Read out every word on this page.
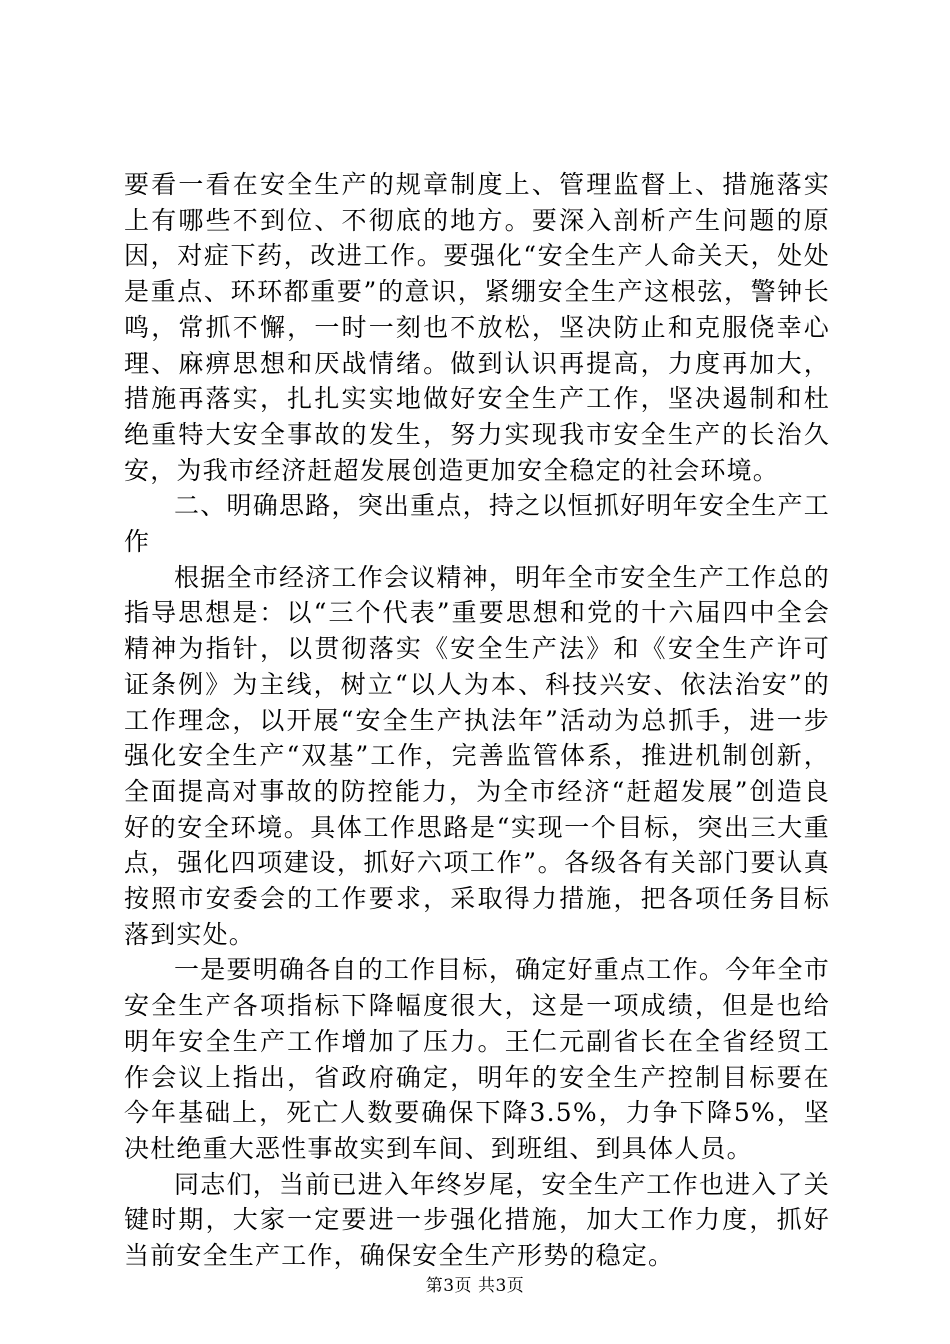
要看一看在安全生产的规章制度上、管理监督上、措施落实上有哪些不到位、不彻底的地方。要深入剖析产生问题的原因，对症下药，改进工作。要强化“安全生产人命关天，处处是重点、环环都重要”的意识，紧绷安全生产这根弦，警钟长鸣，常抓不懈，一时一刻也不放松，坚决防止和克服侥幸心理、麻痹思想和厌战情绪。做到认识再提高，力度再加大，措施再落实，扎扎实实地做好安全生产工作，坚决遏制和杜绝重特大安全事故的发生，努力实现我市安全生产的长治久安，为我市经济赶超发展创造更加安全稳定的社会环境。

二、明确思路，突出重点，持之以恒抓好明年安全生产工作

根据全市经济工作会议精神，明年全市安全生产工作总的指导思想是：以“三个代表”重要思想和党的十六届四中全会精神为指针，以贯彻落实《安全生产法》和《安全生产许可证条例》为主线，树立“以人为本、科技兴安、依法治安”的工作理念，以开展“安全生产执法年”活动为总抓手，进一步强化安全生产“双基”工作，完善监管体系，推进机制创新，全面提高对事故的防控能力，为全市经济“赶超发展”创造良好的安全环境。具体工作思路是“实现一个目标，突出三大重点，强化四项建设，抓好六项工作”。各级各有关部门要认真按照市安委会的工作要求，采取得力措施，把各项任务目标落到实处。

一是要明确各自的工作目标，确定好重点工作。今年全市安全生产各项指标下降幅度很大，这是一项成绩，但是也给明年安全生产工作增加了压力。王仁元副省长在全省经贸工作会议上指出，省政府确定，明年的安全生产控制目标要在今年基础上，死亡人数要确保下降3.5%，力争下降5%，坚决杜绝重大恶性事故实到车间、到班组、到具体人员。

同志们，当前已进入年终岁尾，安全生产工作也进入了关键时期，大家一定要进一步强化措施，加大工作力度，抓好当前安全生产工作，确保安全生产形势的稳定。

第3页 共3页
